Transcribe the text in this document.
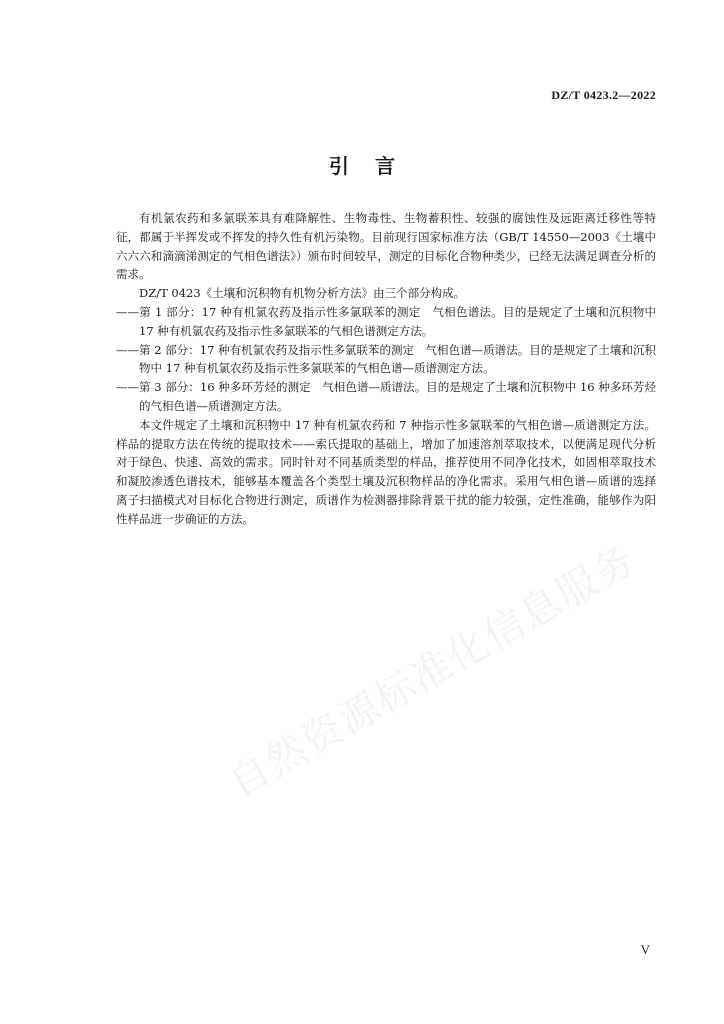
DZ/T 0423.2—2022
引言

有机氯农药和多氯联苯具有难降解性、生物毒性、生物蓄积性、较强的腐蚀性及远距离迁移性等特征，都属于半挥发或不挥发的持久性有机污染物。目前现行国家标准方法（GB/T 14550—2003《土壤中六六六和滴滴涕测定的气相色谱法》）颁布时间较早，测定的目标化合物种类少，已经无法满足调查分析的需求。

DZ/T 0423《土壤和沉积物有机物分析方法》由三个部分构成。

——第 1 部分：17 种有机氯农药及指示性多氯联苯的测定　气相色谱法。目的是规定了土壤和沉积物中 17 种有机氯农药及指示性多氯联苯的气相色谱测定方法。

——第 2 部分：17 种有机氯农药及指示性多氯联苯的测定　气相色谱—质谱法。目的是规定了土壤和沉积物中 17 种有机氯农药及指示性多氯联苯的气相色谱—质谱测定方法。

——第 3 部分：16 种多环芳烃的测定　气相色谱—质谱法。目的是规定了土壤和沉积物中 16 种多环芳烃的气相色谱—质谱测定方法。

本文件规定了土壤和沉积物中 17 种有机氯农药和 7 种指示性多氯联苯的气相色谱—质谱测定方法。样品的提取方法在传统的提取技术——索氏提取的基础上，增加了加速溶剂萃取技术，以便满足现代分析对于绿色、快速、高效的需求。同时针对不同基质类型的样品，推荐使用不同净化技术，如固相萃取技术和凝胶渗透色谱技术，能够基本覆盖各个类型土壤及沉积物样品的净化需求。采用气相色谱—质谱的选择离子扫描模式对目标化合物进行测定，质谱作为检测器排除背景干扰的能力较强，定性准确，能够作为阳性样品进一步确证的方法。

自然资源标准化信息服务
V
